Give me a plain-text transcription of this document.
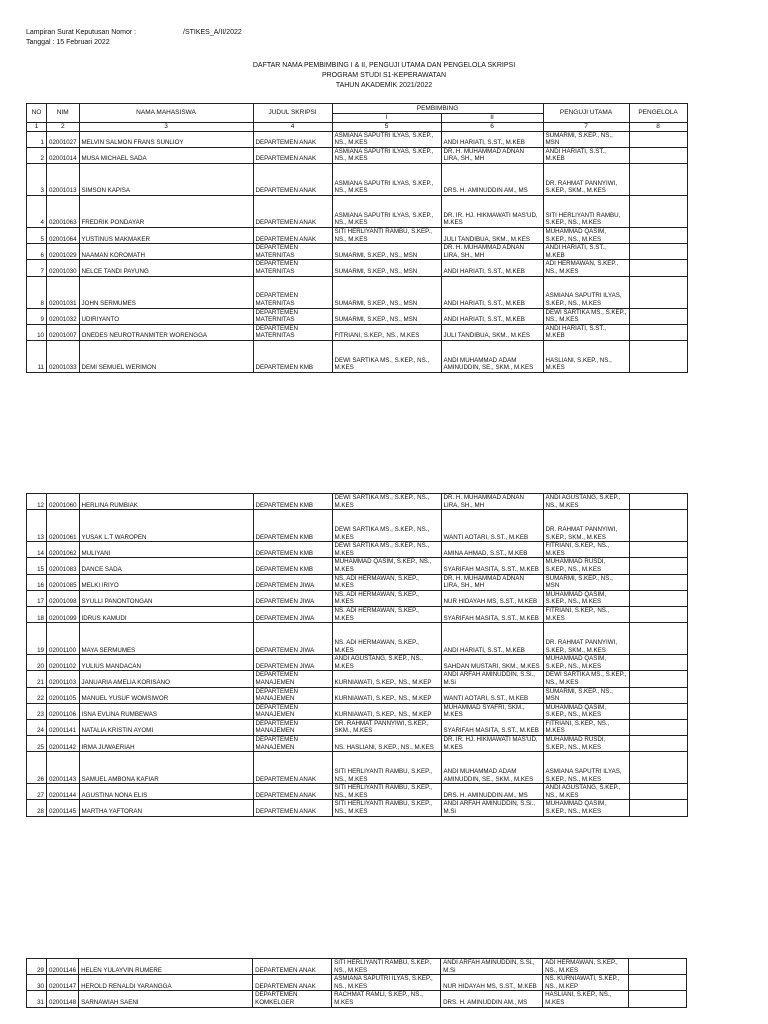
Lampiran Surat Keputusan Nomor :	/STIKES_A/II/2022
Tanggal : 15 Februari 2022
DAFTAR NAMA PEMBIMBING I & II, PENGUJI UTAMA DAN PENGELOLA SKRIPSI
PROGRAM STUDI S1-KEPERAWATAN
TAHUN AKADEMIK 2021/2022
NO	NIM	NAMA MAHASISWA	JUDUL SKRIPSI	PEMBIMBING		PENGUJI UTAMA	PENGELOLA
				I	II		
1	2	3	4	5	6	7	8
1	02001027	MELVIN SALMON FRANS SUNLIOY	DEPARTEMEN ANAK	ASMIANA SAPUTRI ILYAS, S.KEP., NS., M.KES	ANDI HARIATI, S.ST., M.KEB	SUMARMI, S.KEP., NS., MSN	
2	02001014	MUSA MICHAEL SADA	DEPARTEMEN ANAK	ASMIANA SAPUTRI ILYAS, S.KEP., NS., M.KES	DR. H. MUHAMMAD ADNAN LIRA, SH., MH	ANDI HARIATI, S.ST., M.KEB	
3	02001013	SIMSON KAPISA	DEPARTEMEN ANAK	ASMIANA SAPUTRI ILYAS, S.KEP., NS., M.KES	DRS. H. AMINUDDIN AM., MS	DR. RAHMAT PANNYIWI, S.KEP., SKM., M.KES	
4	02001063	FREDRIK PONDAYAR	DEPARTEMEN ANAK	ASMIANA SAPUTRI ILYAS, S.KEP., NS., M.KES	DR. IR. HJ. HIKMAWATI MAS'UD, M.KES	SITI HERLIYANTI RAMBU, S.KEP., NS., M.KES	
5	02001064	YUSTINUS MAKMAKER	DEPARTEMEN ANAK	SITI HERLIYANTI RAMBU, S.KEP., NS., M.KES	JULI TANDIBUA, SKM., M.KES	MUHAMMAD QASIM, S.KEP., NS., M.KES	
6	02001029	NAAMAN KOROMATH	DEPARTEMEN MATERNITAS	SUMARMI, S.KEP., NS., MSN	DR. H. MUHAMMAD ADNAN LIRA, SH., MH	ANDI HARIATI, S.ST., M.KEB	
7	02001030	NELCE TANDI PAYUNG	DEPARTEMEN MATERNITAS	SUMARMI, S.KEP., NS., MSN	ANDI HARIATI, S.ST., M.KEB	ADI HERMAWAN, S.KEP., NS., M.KES	
8	02001031	JOHN SERMUMES	DEPARTEMEN MATERNITAS	SUMARMI, S.KEP., NS., MSN	ANDI HARIATI, S.ST., M.KEB	ASMIANA SAPUTRI ILYAS, S.KEP., NS., M.KES	
9	02001032	UDIRIYANTO	DEPARTEMEN MATERNITAS	SUMARMI, S.KEP., NS., MSN	ANDI HARIATI, S.ST., M.KEB	DEWI SARTIKA MS., S.KEP., NS., M.KES	
10	02001007	ONEDES NEUROTRANMITER WORENGGA	DEPARTEMEN MATERNITAS	FITRIANI, S.KEP., NS., M.KES	JULI TANDIBUA, SKM., M.KES	ANDI HARIATI, S.ST., M.KEB	
11	02001033	DEMI SEMUEL WERIMON	DEPARTEMEN KMB	DEWI SARTIKA MS., S.KEP., NS., M.KES	ANDI MUHAMMAD ADAM AMINUDDIN, SE., SKM., M.KES	HASLIANI, S.KEP., NS., M.KES	
12	02001060	HERLINA RUMBIAK	DEPARTEMEN KMB	DEWI SARTIKA MS., S.KEP., NS., M.KES	DR. H. MUHAMMAD ADNAN LIRA, SH., MH	ANDI AGUSTANG, S.KEP., NS., M.KES	
13	02001061	YUSAK L.T WAROPEN	DEPARTEMEN KMB	DEWI SARTIKA MS., S.KEP., NS., M.KES	WANTI AOTARI, S.ST., M.KEB	DR. RAHMAT PANNYIWI, S.KEP., SKM., M.KES	
14	02001062	MULIYANI	DEPARTEMEN KMB	DEWI SARTIKA MS., S.KEP., NS., M.KES	AMINA AHMAD, S.ST., M.KEB	FITRIANI, S.KEP., NS., M.KES	
15	02001083	DANCE SADA	DEPARTEMEN KMB	MUHAMMAD QASIM, S.KEP., NS., M.KES	SYARIFAH MASITA, S.ST., M.KEB	MUHAMMAD RUSDI, S.KEP., NS., M.KES	
16	02001085	MELKI IRIYO	DEPARTEMEN JIWA	NS. ADI HERMAWAN, S.KEP., M.KES	DR. H. MUHAMMAD ADNAN LIRA, SH., MH	SUMARMI, S.KEP., NS., MSN	
17	02001098	SYULLI PANONTONGAN	DEPARTEMEN JIWA	NS. ADI HERMAWAN, S.KEP., M.KES	NUR HIDAYAH MS, S.ST., M.KEB	MUHAMMAD QASIM, S.KEP., NS., M.KES	
18	02001099	IDRUS KAMUDI	DEPARTEMEN JIWA	NS. ADI HERMAWAN, S.KEP., M.KES	SYARIFAH MASITA, S.ST., M.KEB	FITRIANI, S.KEP., NS., M.KES	
19	02001100	MAYA SERMUMES	DEPARTEMEN JIWA	NS. ADI HERMAWAN, S.KEP., M.KES	ANDI HARIATI, S.ST., M.KEB	DR. RAHMAT PANNYIWI, S.KEP., SKM., M.KES	
20	02001102	YULIUS MANDACAN	DEPARTEMEN JIWA	ANDI AGUSTANG, S.KEP., NS., M.KES	SAHDAN MUSTARI, SKM., M.KES	MUHAMMAD QASIM, S.KEP., NS., M.KES	
21	02001103	JANUARIA AMELIA KORISANO	DEPARTEMEN MANAJEMEN	KURNIAWATI, S.KEP., NS., M.KEP	ANDI ARFAH AMINUDDIN, S.Si., M.Si	DEWI SARTIKA MS., S.KEP., NS., M.KES	
22	02001105	MANUEL YUSUF WOMSIWOR	DEPARTEMEN MANAJEMEN	KURNIAWATI, S.KEP., NS., M.KEP	WANTI AOTARI, S.ST., M.KEB	SUMARMI, S.KEP., NS., MSN	
23	02001106	ISNA EVLINA RUMBEWAS	DEPARTEMEN MANAJEMEN	KURNIAWATI, S.KEP., NS., M.KEP	MUHAMMAD SYAFRI, SKM., M.KES	MUHAMMAD QASIM, S.KEP., NS., M.KES	
24	02001141	NATALIA KRISTIN AYOMI	DEPARTEMEN MANAJEMEN	DR. RAHMAT PANNYIWI, S.KEP., SKM., M.KES	SYARIFAH MASITA, S.ST., M.KEB	FITRIANI, S.KEP., NS., M.KES	
25	02001142	IRMA JUWAERIAH	DEPARTEMEN MANAJEMEN	NS. HASLIANI, S.KEP., NS., M.KES	DR. IR. HJ. HIKMAWATI MAS'UD, M.KES	MUHAMMAD RUSDI, S.KEP., NS., M.KES	
26	02001143	SAMUEL AMBONA KAFIAR	DEPARTEMEN ANAK	SITI HERLIYANTI RAMBU, S.KEP., NS., M.KES	ANDI MUHAMMAD ADAM AMINUDDIN, SE., SKM., M.KES	ASMIANA SAPUTRI ILYAS, S.KEP., NS., M.KES	
27	02001144	AGUSTINA NONA ELIS	DEPARTEMEN ANAK	SITI HERLIYANTI RAMBU, S.KEP., NS., M.KES	DRS. H. AMINUDDIN AM., MS	ANDI AGUSTANG, S.KEP., NS., M.KES	
28	02001145	MARTHA YAFTORAN	DEPARTEMEN ANAK	SITI HERLIYANTI RAMBU, S.KEP., NS., M.KES	ANDI ARFAH AMINUDDIN, S.Si., M.Si	MUHAMMAD QASIM, S.KEP., NS., M.KES	
29	02001146	HELEN YULAYVIN RUMERE	DEPARTEMEN ANAK	SITI HERLIYANTI RAMBU, S.KEP., NS., M.KES	ANDI ARFAH AMINUDDIN, S.Si., M.Si	ADI HERMAWAN, S.KEP., NS., M.KES	
30	02001147	HEROLD RENALDI YARANGGA	DEPARTEMEN ANAK	ASMIANA SAPUTRI ILYAS, S.KEP., NS., M.KES	NUR HIDAYAH MS, S.ST., M.KEB	NS. KURNIAWATI, S.KEP., NS., M.KEP	
31	02001148	SARNAWIAH SAENI	DEPARTEMEN KOMKELGER	RACHMAT RAMLI, S.KEP., NS., M.KES	DRS. H. AMINUDDIN AM., MS	HASLIANI, S.KEP., NS., M.KES	
